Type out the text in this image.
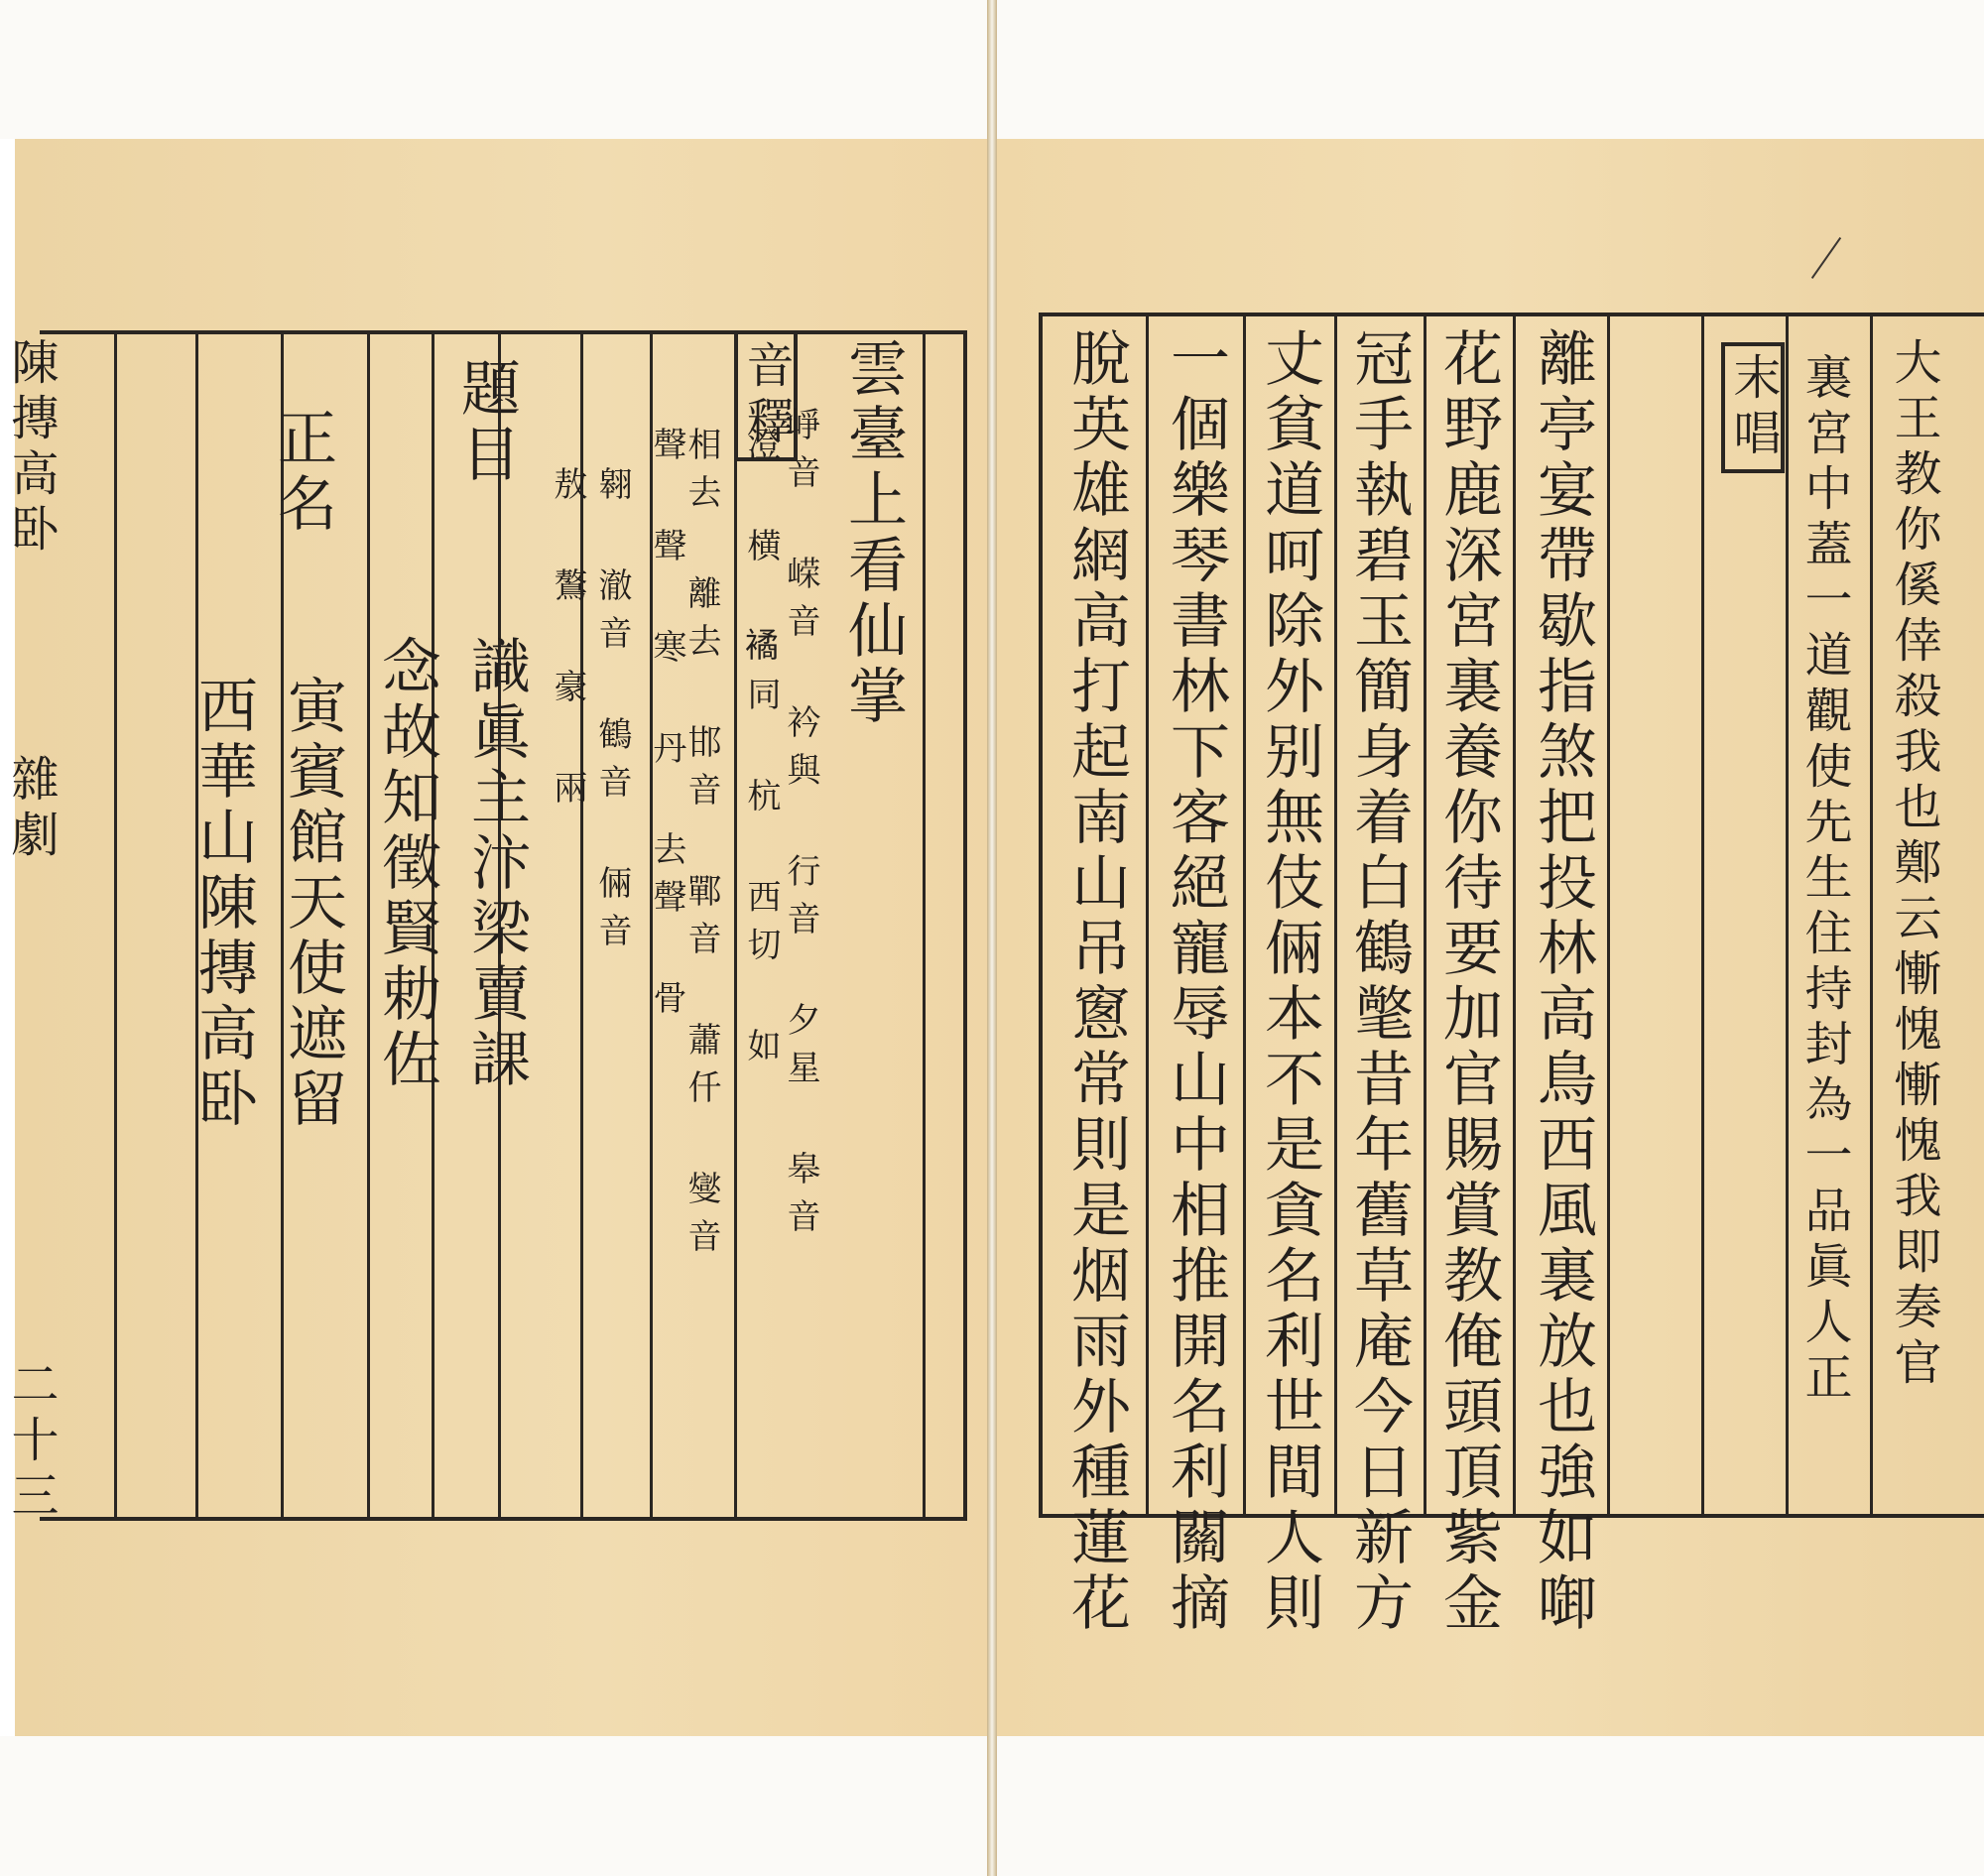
陳摶高卧
雜劇
二十三
雲臺上看仙掌
音釋
崢音 嵘音 衿與 行音 夕星 皋音
澄 横 𧝃同 杭 西切 如
相去 離去 邯音 鄲音 蕭仟 燮音
聲 聲 寒 丹 去聲 骨
翱 澈音 鶴音 倆音
敖 鷔 豪 兩
題目
識眞主汴梁賣課
念故知徵賢勅佐
正名
寅賓館天使遮留
西華山陳摶高卧	大王教你傒倖殺我也鄭云慚愧慚愧我即奏官
裏宮中蓋一道觀使先生住持封為一品眞人正
末唱
離亭宴帶歇指煞把投林高鳥西風裏放也強如啣
花野鹿深宮裏養你待要加官賜賞教俺頭頂紫金
冠手執碧玉簡身着白鶴氅昔年舊草庵今日新方
丈貧道呵除外别無伎倆本不是貪名利世間人則
一個樂琴書林下客絕寵辱山中相推開名利關摘
脫英雄網高打起南山吊窻常則是烟雨外種蓮花
